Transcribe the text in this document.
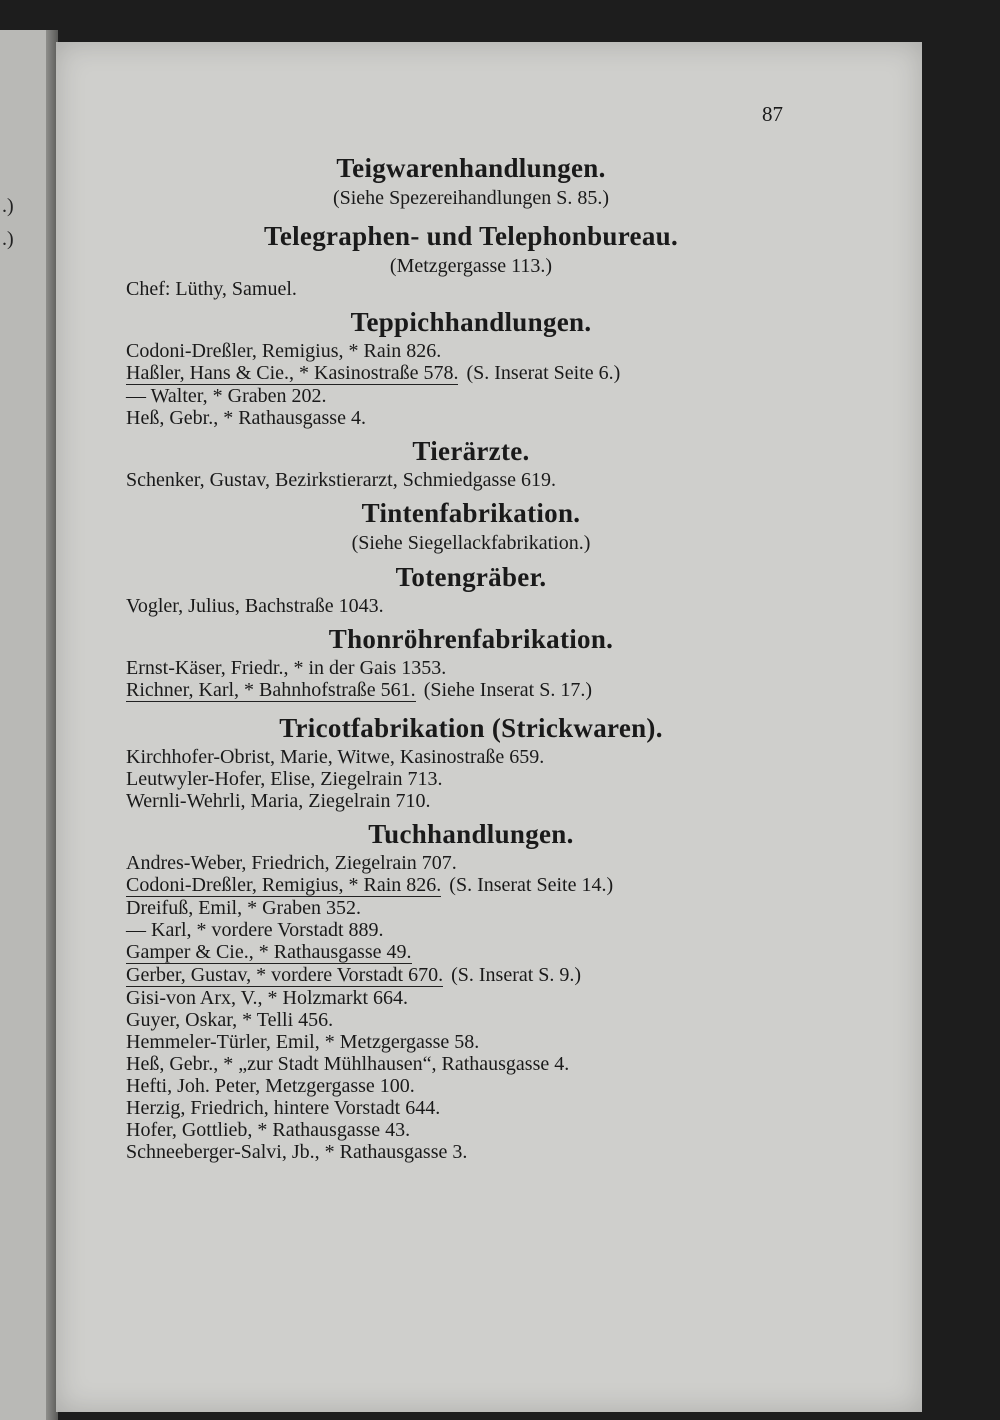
.)
.)
87

Teigwarenhandlungen.

(Siehe Spezereihandlungen S. 85.)

Telegraphen- und Telephonbureau.

(Metzgergasse 113.)

Chef: Lüthy, Samuel.

Teppichhandlungen.

Codoni-Dreßler, Remigius, * Rain 826.

Haßler, Hans & Cie., * Kasinostraße 578. (S. Inserat Seite 6.)

— Walter, * Graben 202.

Heß, Gebr., * Rathausgasse 4.

Tierärzte.

Schenker, Gustav, Bezirkstierarzt, Schmiedgasse 619.

Tintenfabrikation.

(Siehe Siegellackfabrikation.)

Totengräber.

Vogler, Julius, Bachstraße 1043.

Thonröhrenfabrikation.

Ernst-Käser, Friedr., * in der Gais 1353.

Richner, Karl, * Bahnhofstraße 561. (Siehe Inserat S. 17.)

Tricotfabrikation (Strickwaren).

Kirchhofer-Obrist, Marie, Witwe, Kasinostraße 659.

Leutwyler-Hofer, Elise, Ziegelrain 713.

Wernli-Wehrli, Maria, Ziegelrain 710.

Tuchhandlungen.

Andres-Weber, Friedrich, Ziegelrain 707.

Codoni-Dreßler, Remigius, * Rain 826. (S. Inserat Seite 14.)

Dreifuß, Emil, * Graben 352.

— Karl, * vordere Vorstadt 889.

Gamper & Cie., * Rathausgasse 49.

Gerber, Gustav, * vordere Vorstadt 670. (S. Inserat S. 9.)

Gisi-von Arx, V., * Holzmarkt 664.

Guyer, Oskar, * Telli 456.

Hemmeler-Türler, Emil, * Metzgergasse 58.

Heß, Gebr., * „zur Stadt Mühlhausen“, Rathausgasse 4.

Hefti, Joh. Peter, Metzgergasse 100.

Herzig, Friedrich, hintere Vorstadt 644.

Hofer, Gottlieb, * Rathausgasse 43.

Schneeberger-Salvi, Jb., * Rathausgasse 3.
